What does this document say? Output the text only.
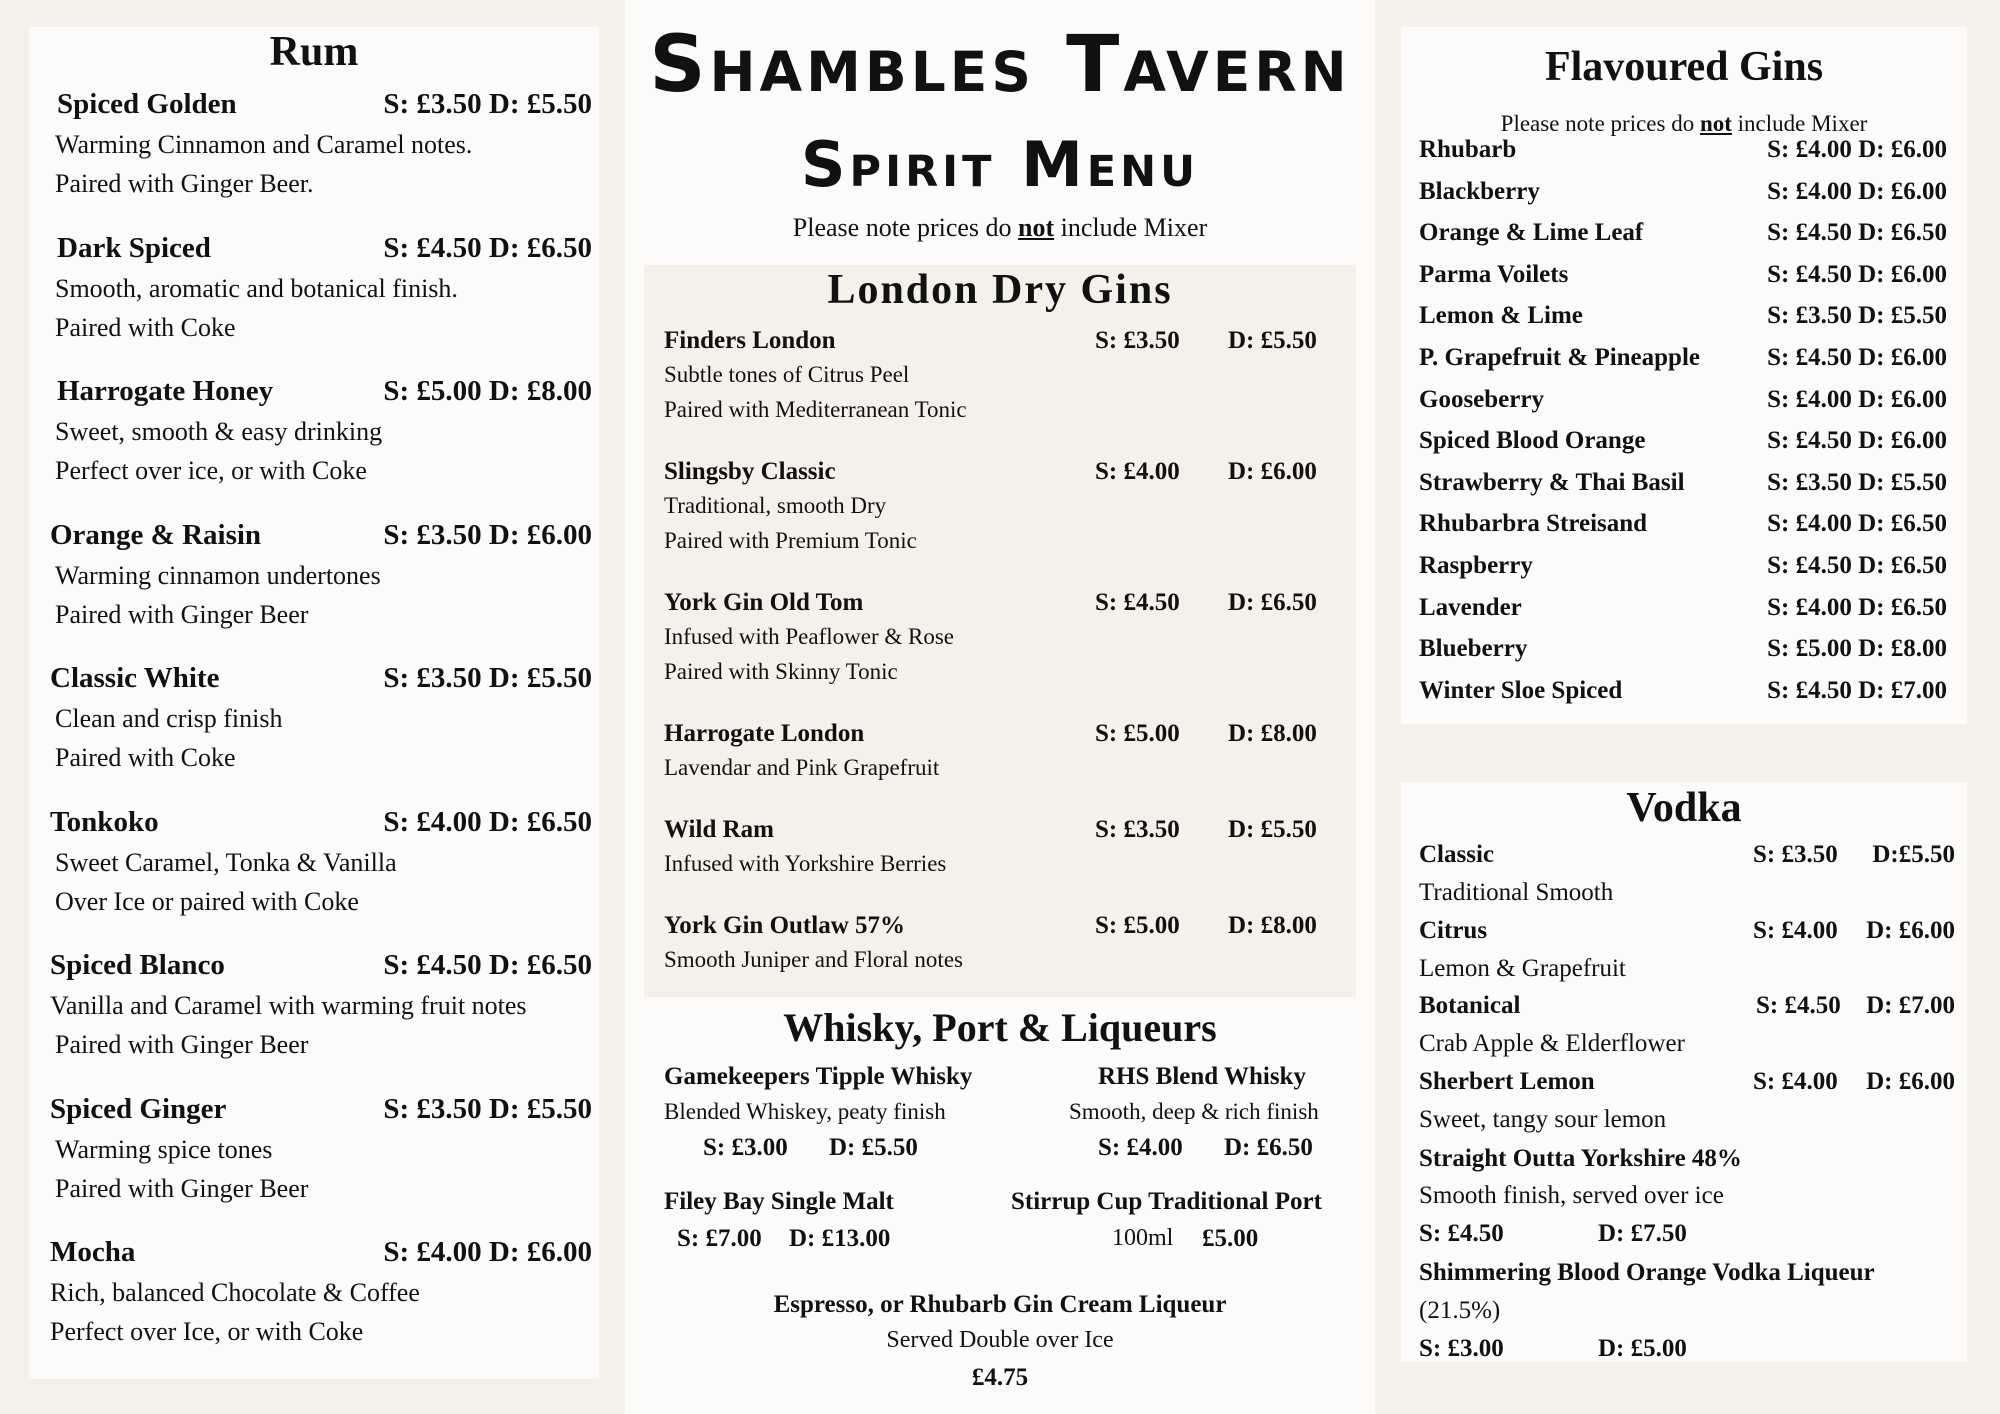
Rum
Spiced Golden	S: £3.50 D: £5.50
Warming Cinnamon and Caramel notes.
Paired with Ginger Beer.
Dark Spiced	S: £4.50 D: £6.50
Smooth, aromatic and botanical finish.
Paired with Coke
Harrogate Honey	S: £5.00 D: £8.00
Sweet, smooth & easy drinking
Perfect over ice, or with Coke
Orange & Raisin	S: £3.50 D: £6.00
Warming cinnamon undertones
Paired with Ginger Beer
Classic White	S: £3.50 D: £5.50
Clean and crisp finish
Paired with Coke
Tonkoko	S: £4.00 D: £6.50
Sweet Caramel, Tonka & Vanilla
Over Ice or paired with Coke
Spiced Blanco	S: £4.50 D: £6.50
Vanilla and Caramel with warming fruit notes
Paired with Ginger Beer
Spiced Ginger	S: £3.50 D: £5.50
Warming spice tones
Paired with Ginger Beer
Mocha	S: £4.00 D: £6.00
Rich, balanced Chocolate & Coffee
Perfect over Ice, or with Coke
Shambles Tavern
Spirit Menu
Please note prices do not include Mixer
London Dry Gins
Finders London	S: £3.50 D: £5.50
Subtle tones of Citrus Peel
Paired with Mediterranean Tonic
Slingsby Classic	S: £4.00 D: £6.00
Traditional, smooth Dry
Paired with Premium Tonic
York Gin Old Tom	S: £4.50 D: £6.50
Infused with Peaflower & Rose
Paired with Skinny Tonic
Harrogate London	S: £5.00 D: £8.00
Lavendar and Pink Grapefruit
Wild Ram	S: £3.50 D: £5.50
Infused with Yorkshire Berries
York Gin Outlaw 57%	S: £5.00 D: £8.00
Smooth Juniper and Floral notes
Whisky, Port & Liqueurs
Gamekeepers Tipple Whisky
Blended Whiskey, peaty finish
S: £3.00 D: £5.50
RHS Blend Whisky
Smooth, deep & rich finish
S: £4.00 D: £6.50
Filey Bay Single Malt
S: £7.00 D: £13.00
Stirrup Cup Traditional Port
100ml £5.00
Espresso, or Rhubarb Gin Cream Liqueur
Served Double over Ice
£4.75
Flavoured Gins
Please note prices do not include Mixer
Rhubarb	S: £4.00 D: £6.00
Blackberry	S: £4.00 D: £6.00
Orange & Lime Leaf	S: £4.50 D: £6.50
Parma Voilets	S: £4.50 D: £6.00
Lemon & Lime	S: £3.50 D: £5.50
P. Grapefruit & Pineapple	S: £4.50 D: £6.00
Gooseberry	S: £4.00 D: £6.00
Spiced Blood Orange	S: £4.50 D: £6.00
Strawberry & Thai Basil	S: £3.50 D: £5.50
Rhubarbra Streisand	S: £4.00 D: £6.50
Raspberry	S: £4.50 D: £6.50
Lavender	S: £4.00 D: £6.50
Blueberry	S: £5.00 D: £8.00
Winter Sloe Spiced	S: £4.50 D: £7.00
Vodka
Classic	S: £3.50 D:£5.50
Traditional Smooth
Citrus	S: £4.00 D: £6.00
Lemon & Grapefruit
Botanical	S: £4.50 D: £7.00
Crab Apple & Elderflower
Sherbert Lemon	S: £4.00 D: £6.00
Sweet, tangy sour lemon
Straight Outta Yorkshire 48%
Smooth finish, served over ice
S: £4.50	D: £7.50
Shimmering Blood Orange Vodka Liqueur
(21.5%)
S: £3.00	D: £5.00
